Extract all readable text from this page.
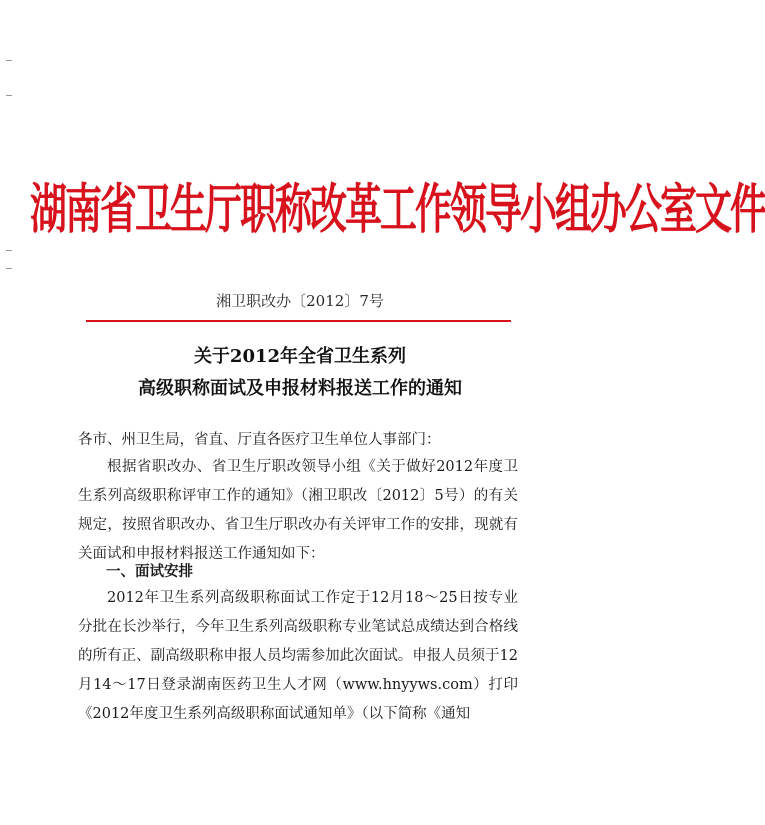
湖南省卫生厅职称改革工作领导小组办公室文件
湘卫职改办〔2012〕7号
关于2012年全省卫生系列
高级职称面试及申报材料报送工作的通知
各市、州卫生局，省直、厅直各医疗卫生单位人事部门：
根据省职改办、省卫生厅职改领导小组《关于做好2012年度卫生系列高级职称评审工作的通知》（湘卫职改〔2012〕5号）的有关规定，按照省职改办、省卫生厅职改办有关评审工作的安排，现就有关面试和申报材料报送工作通知如下：
一、面试安排
2012年卫生系列高级职称面试工作定于12月18～25日按专业分批在长沙举行，今年卫生系列高级职称专业笔试总成绩达到合格线的所有正、副高级职称申报人员均需参加此次面试。申报人员须于12月14～17日登录湖南医药卫生人才网（www.hnyyws.com）打印《2012年度卫生系列高级职称面试通知单》（以下简称《通知
